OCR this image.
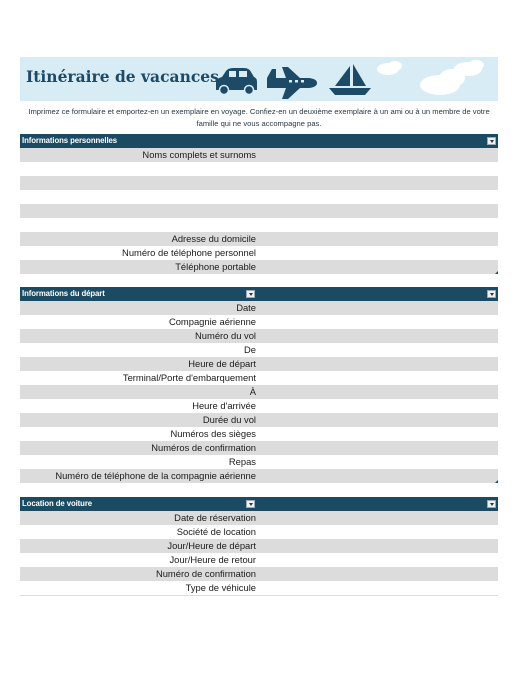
Itinéraire de vacances
Imprimez ce formulaire et emportez-en un exemplaire en voyage. Confiez-en un deuxième exemplaire à un ami ou à un membre de votre
famille qui ne vous accompagne pas.
Informations personnelles
Noms complets et surnoms
Adresse du domicile
Numéro de téléphone personnel
Téléphone portable
Informations du départ
Date
Compagnie aérienne
Numéro du vol
De
Heure de départ
Terminal/Porte d'embarquement
À
Heure d'arrivée
Durée du vol
Numéros des sièges
Numéros de confirmation
Repas
Numéro de téléphone de la compagnie aérienne
Location de voiture
Date de réservation
Société de location
Jour/Heure de départ
Jour/Heure de retour
Numéro de confirmation
Type de véhicule
